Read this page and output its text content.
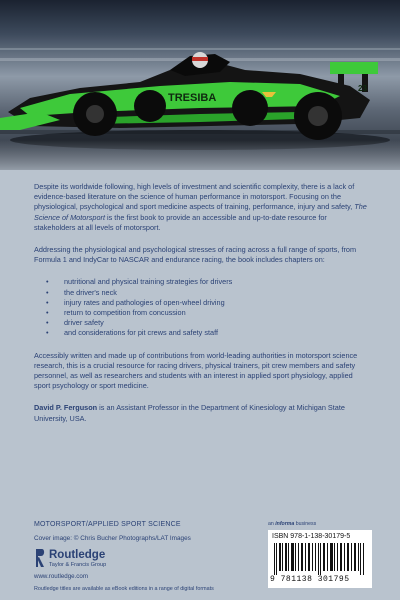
TRESIBA
23

Despite its worldwide following, high levels of investment and scientific complexity, there is a lack of evidence-based literature on the science of human performance in motorsport. Focusing on the physiological, psychological and sport medicine aspects of training, performance, injury and safety, The Science of Motorsport is the first book to provide an accessible and up-to-date resource for stakeholders at all levels of motorsport.

Addressing the physiological and psychological stresses of racing across a full range of sports, from Formula 1 and IndyCar to NASCAR and endurance racing, the book includes chapters on:

• nutritional and physical training strategies for drivers
• the driver's neck
• injury rates and pathologies of open-wheel driving
• return to competition from concussion
• driver safety
• and considerations for pit crews and safety staff

Accessibly written and made up of contributions from world-leading authorities in motorsport science research, this is a crucial resource for racing drivers, physical trainers, pit crew members and safety personnel, as well as researchers and students with an interest in applied sport physiology, applied sport psychology or sport medicine.

David P. Ferguson is an Assistant Professor in the Department of Kinesiology at Michigan State University, USA.

MOTORSPORT/APPLIED SPORT SCIENCE
Cover image: © Chris Bucher Photographs/LAT Images
Routledge
Taylor & Francis Group
www.routledge.com
Routledge titles are available as eBook editions in a range of digital formats
an informa business
ISBN 978-1-138-30179-5
9 781138 301795
